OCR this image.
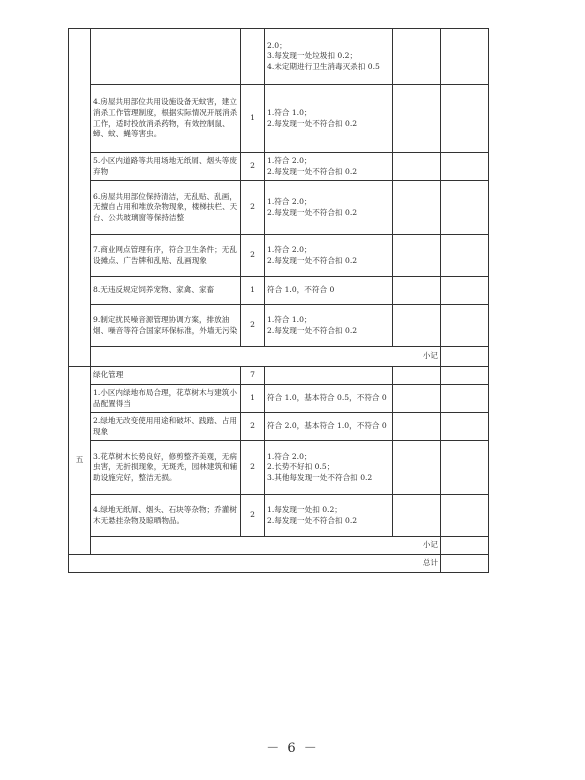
			2.0；
3.每发现一处垃圾扣 0.2；
4.未定期进行卫生消毒灭杀扣 0.5		

	4.房屋共用部位共用设施设备无蚊害，建立消杀工作管理制度，根据实际情况开展消杀工作，适时投放消杀药物，有效控制鼠、蟑、蚊、蝇等害虫。	1	1.符合 1.0；
2.每发现一处不符合扣 0.2		

	5.小区内道路等共用场地无纸屑、烟头等废弃物	2	1.符合 2.0；
2.每发现一处不符合扣 0.2		

	6.房屋共用部位保持清洁，无乱贴、乱画，无擅自占用和堆放杂物现象，楼梯扶栏、天台、公共玻璃窗等保持洁整	2	1.符合 2.0；
2.每发现一处不符合扣 0.2		

	7.商业网点管理有序，符合卫生条件；无乱设摊点、广告牌和乱贴、乱画现象	2	1.符合 2.0；
2.每发现一处不符合扣 0.2		

	8.无违反规定饲养宠物、家禽、家畜	1	符合 1.0，不符合 0		

	9.制定扰民噪音源管理协调方案，排放油烟、噪音等符合国家环保标准，外墙无污染	2	1.符合 1.0；
2.每发现一处不符合扣 0.2		

	小记				
五	绿化管理	7			
	1.小区内绿地布局合理，花草树木与建筑小品配置得当	1	符合 1.0，基本符合 0.5，不符合 0		

	2.绿地无改变使用用途和破坏、践踏、占用现象	2	符合 2.0，基本符合 1.0，不符合 0		

	3.花草树木长势良好，修剪整齐美观，无病虫害，无折损现象，无斑秃，园林建筑和辅助设施完好，整洁无损。	2	1.符合 2.0；
2.长势不好扣 0.5；
3.其他每发现一处不符合扣 0.2		

	4.绿地无纸屑、烟头、石块等杂物；乔灌树木无悬挂杂物及晾晒物品。	2	1.每发现一处扣 0.2；
2.每发现一处不符合扣 0.2		

	小记				
总计					
－ 6 －
